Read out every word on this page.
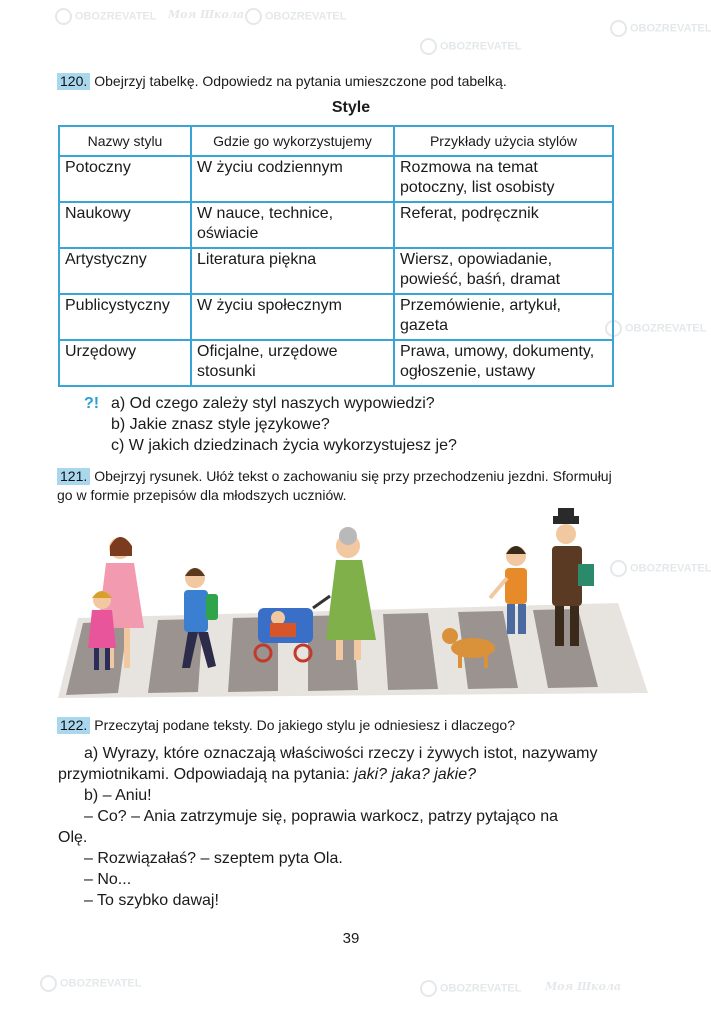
OBOZREVATEL Моя Школа	OBOZREVATEL
OBOZREVATEL
OBOZREVATEL
OBOZREVATEL
OBOZREVATEL
OBOZREVATEL
OBOZREVATEL	Моя Школа
120. Obejrzyj tabelkę. Odpowiedz na pytania umieszczone pod tabelką.
Style
Nazwy stylu	Gdzie go wykorzystujemy	Przykłady użycia stylów
Potoczny	W życiu codziennym	Rozmowa na temat potoczny, list osobisty
Naukowy	W nauce, technice, oświacie	Referat, podręcznik
Artystyczny	Literatura piękna	Wiersz, opowiadanie, powieść, baśń, dramat
Publicystyczny	W życiu społecznym	Przemówienie, artykuł, gazeta
Urzędowy	Oficjalne, urzędowe stosunki	Prawa, umowy, dokumenty, ogłoszenie, ustawy
?! a) Od czego zależy styl naszych wypowiedzi?
b) Jakie znasz style językowe?
c) W jakich dziedzinach życia wykorzystujesz je?
121. Obejrzyj rysunek. Ułóż tekst o zachowaniu się przy przechodzeniu jezdni. Sformułuj go w formie przepisów dla młodszych uczniów.
122. Przeczytaj podane teksty. Do jakiego stylu je odniesiesz i dlaczego?
a) Wyrazy, które oznaczają właściwości rzeczy i żywych istot, nazywamy przymiotnikami. Odpowiadają na pytania: jaki? jaka? jakie?
b) – Aniu!
– Co? – Ania zatrzymuje się, poprawia warkocz, patrzy pytająco na
Olę.
– Rozwiązałaś? – szeptem pyta Ola.
– No...
– To szybko dawaj!
39
